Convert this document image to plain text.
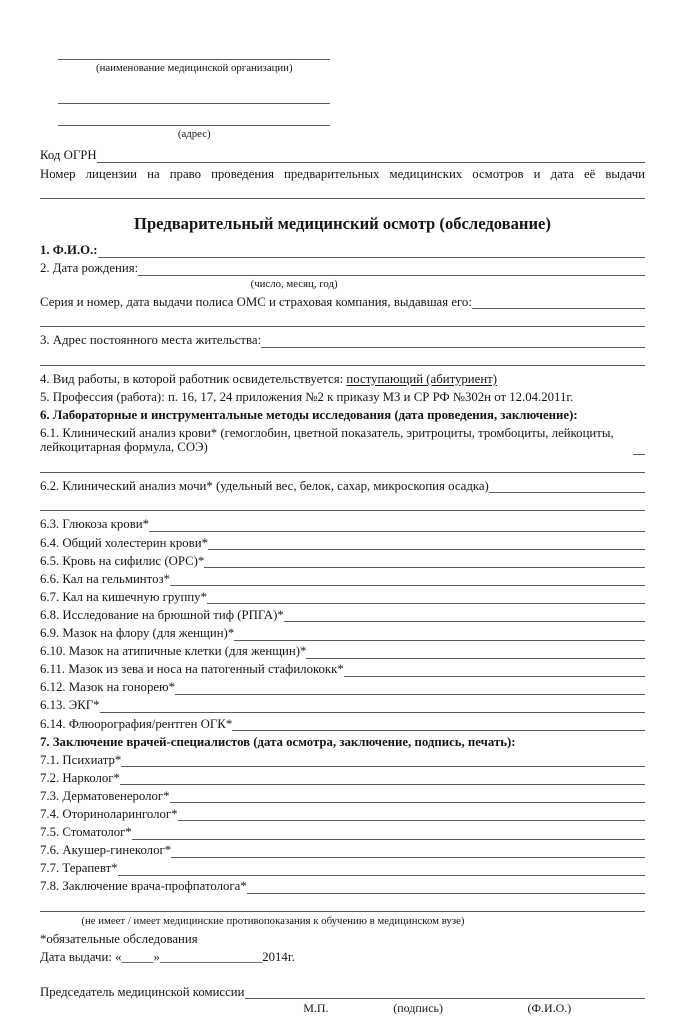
(наименование медицинской организации)
(адрес)
Код ОГРН
Номер лицензии на право проведения предварительных медицинских осмотров и дата её выдачи
Предварительный медицинский осмотр (обследование)
1. Ф.И.О.:
2. Дата рождения:
(число, месяц, год)
Серия и номер, дата выдачи полиса ОМС и страховая компания, выдавшая его:
3. Адрес постоянного места жительства:
4. Вид работы, в которой работник освидетельствуется: поступающий (абитуриент)
5. Профессия (работа): п. 16, 17, 24 приложения №2 к приказу МЗ и СР РФ №302н от 12.04.2011г.
6. Лабораторные и инструментальные методы исследования (дата проведения, заключение):
6.1. Клинический анализ крови* (гемоглобин, цветной показатель, эритроциты, тромбоциты, лейкоциты, лейкоцитарная формула, СОЭ)
6.2. Клинический анализ мочи* (удельный вес, белок, сахар, микроскопия осадка)
6.3. Глюкоза крови*
6.4. Общий холестерин крови*
6.5. Кровь на сифилис (ОРС)*
6.6. Кал на гельминтоз*
6.7. Кал на кишечную группу*
6.8. Исследование на брюшной тиф (РПГА)*
6.9. Мазок на флору (для женщин)*
6.10. Мазок на атипичные клетки (для женщин)*
6.11. Мазок из зева и носа на патогенный стафилококк*
6.12. Мазок на гонорею*
6.13. ЭКГ*
6.14. Флюорография/рентген ОГК*
7. Заключение врачей-специалистов (дата осмотра, заключение, подпись, печать):
7.1. Психиатр*
7.2. Нарколог*
7.3. Дерматовенеролог*
7.4. Оториноларинголог*
7.5. Стоматолог*
7.6. Акушер-гинеколог*
7.7. Терапевт*
7.8. Заключение врача-профпатолога*
(не имеет / имеет медицинские противопоказания к обучению в медицинском вузе)
*обязательные обследования
Дата выдачи: «_____»________________2014г.
Председатель медицинской комиссии
М.П.	(подпись)	(Ф.И.О.)
